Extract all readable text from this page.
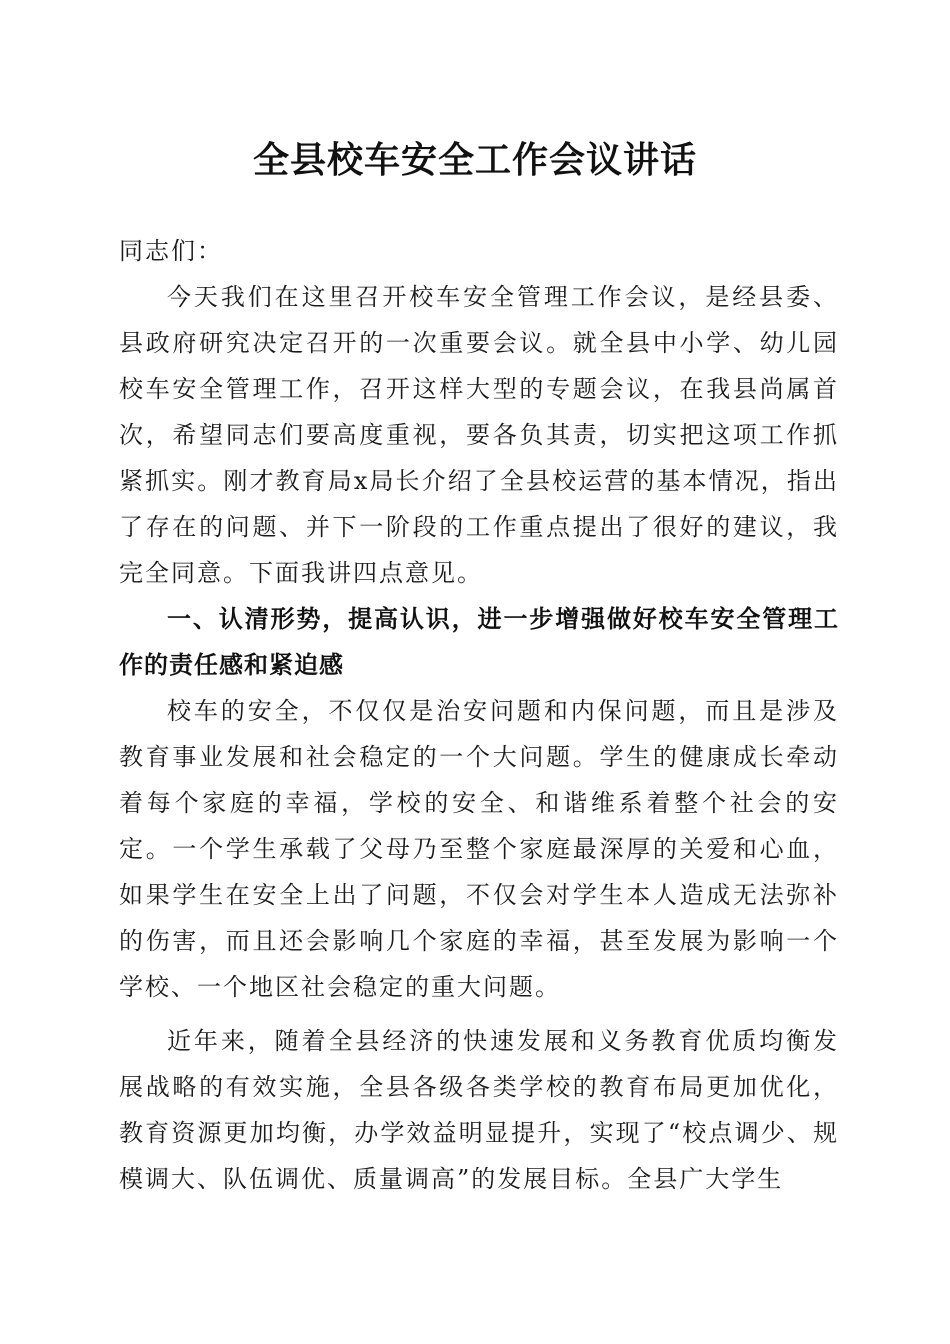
全县校车安全工作会议讲话

同志们：

今天我们在这里召开校车安全管理工作会议，是经县委、县政府研究决定召开的一次重要会议。就全县中小学、幼儿园校车安全管理工作，召开这样大型的专题会议，在我县尚属首次，希望同志们要高度重视，要各负其责，切实把这项工作抓紧抓实。刚才教育局x局长介绍了全县校运营的基本情况，指出了存在的问题、并下一阶段的工作重点提出了很好的建议，我完全同意。下面我讲四点意见。

一、认清形势，提高认识，进一步增强做好校车安全管理工作的责任感和紧迫感

校车的安全，不仅仅是治安问题和内保问题，而且是涉及教育事业发展和社会稳定的一个大问题。学生的健康成长牵动着每个家庭的幸福，学校的安全、和谐维系着整个社会的安定。一个学生承载了父母乃至整个家庭最深厚的关爱和心血，如果学生在安全上出了问题，不仅会对学生本人造成无法弥补的伤害，而且还会影响几个家庭的幸福，甚至发展为影响一个学校、一个地区社会稳定的重大问题。

近年来，随着全县经济的快速发展和义务教育优质均衡发展战略的有效实施，全县各级各类学校的教育布局更加优化，教育资源更加均衡，办学效益明显提升，实现了“校点调少、规模调大、队伍调优、质量调高”的发展目标。全县广大学生
